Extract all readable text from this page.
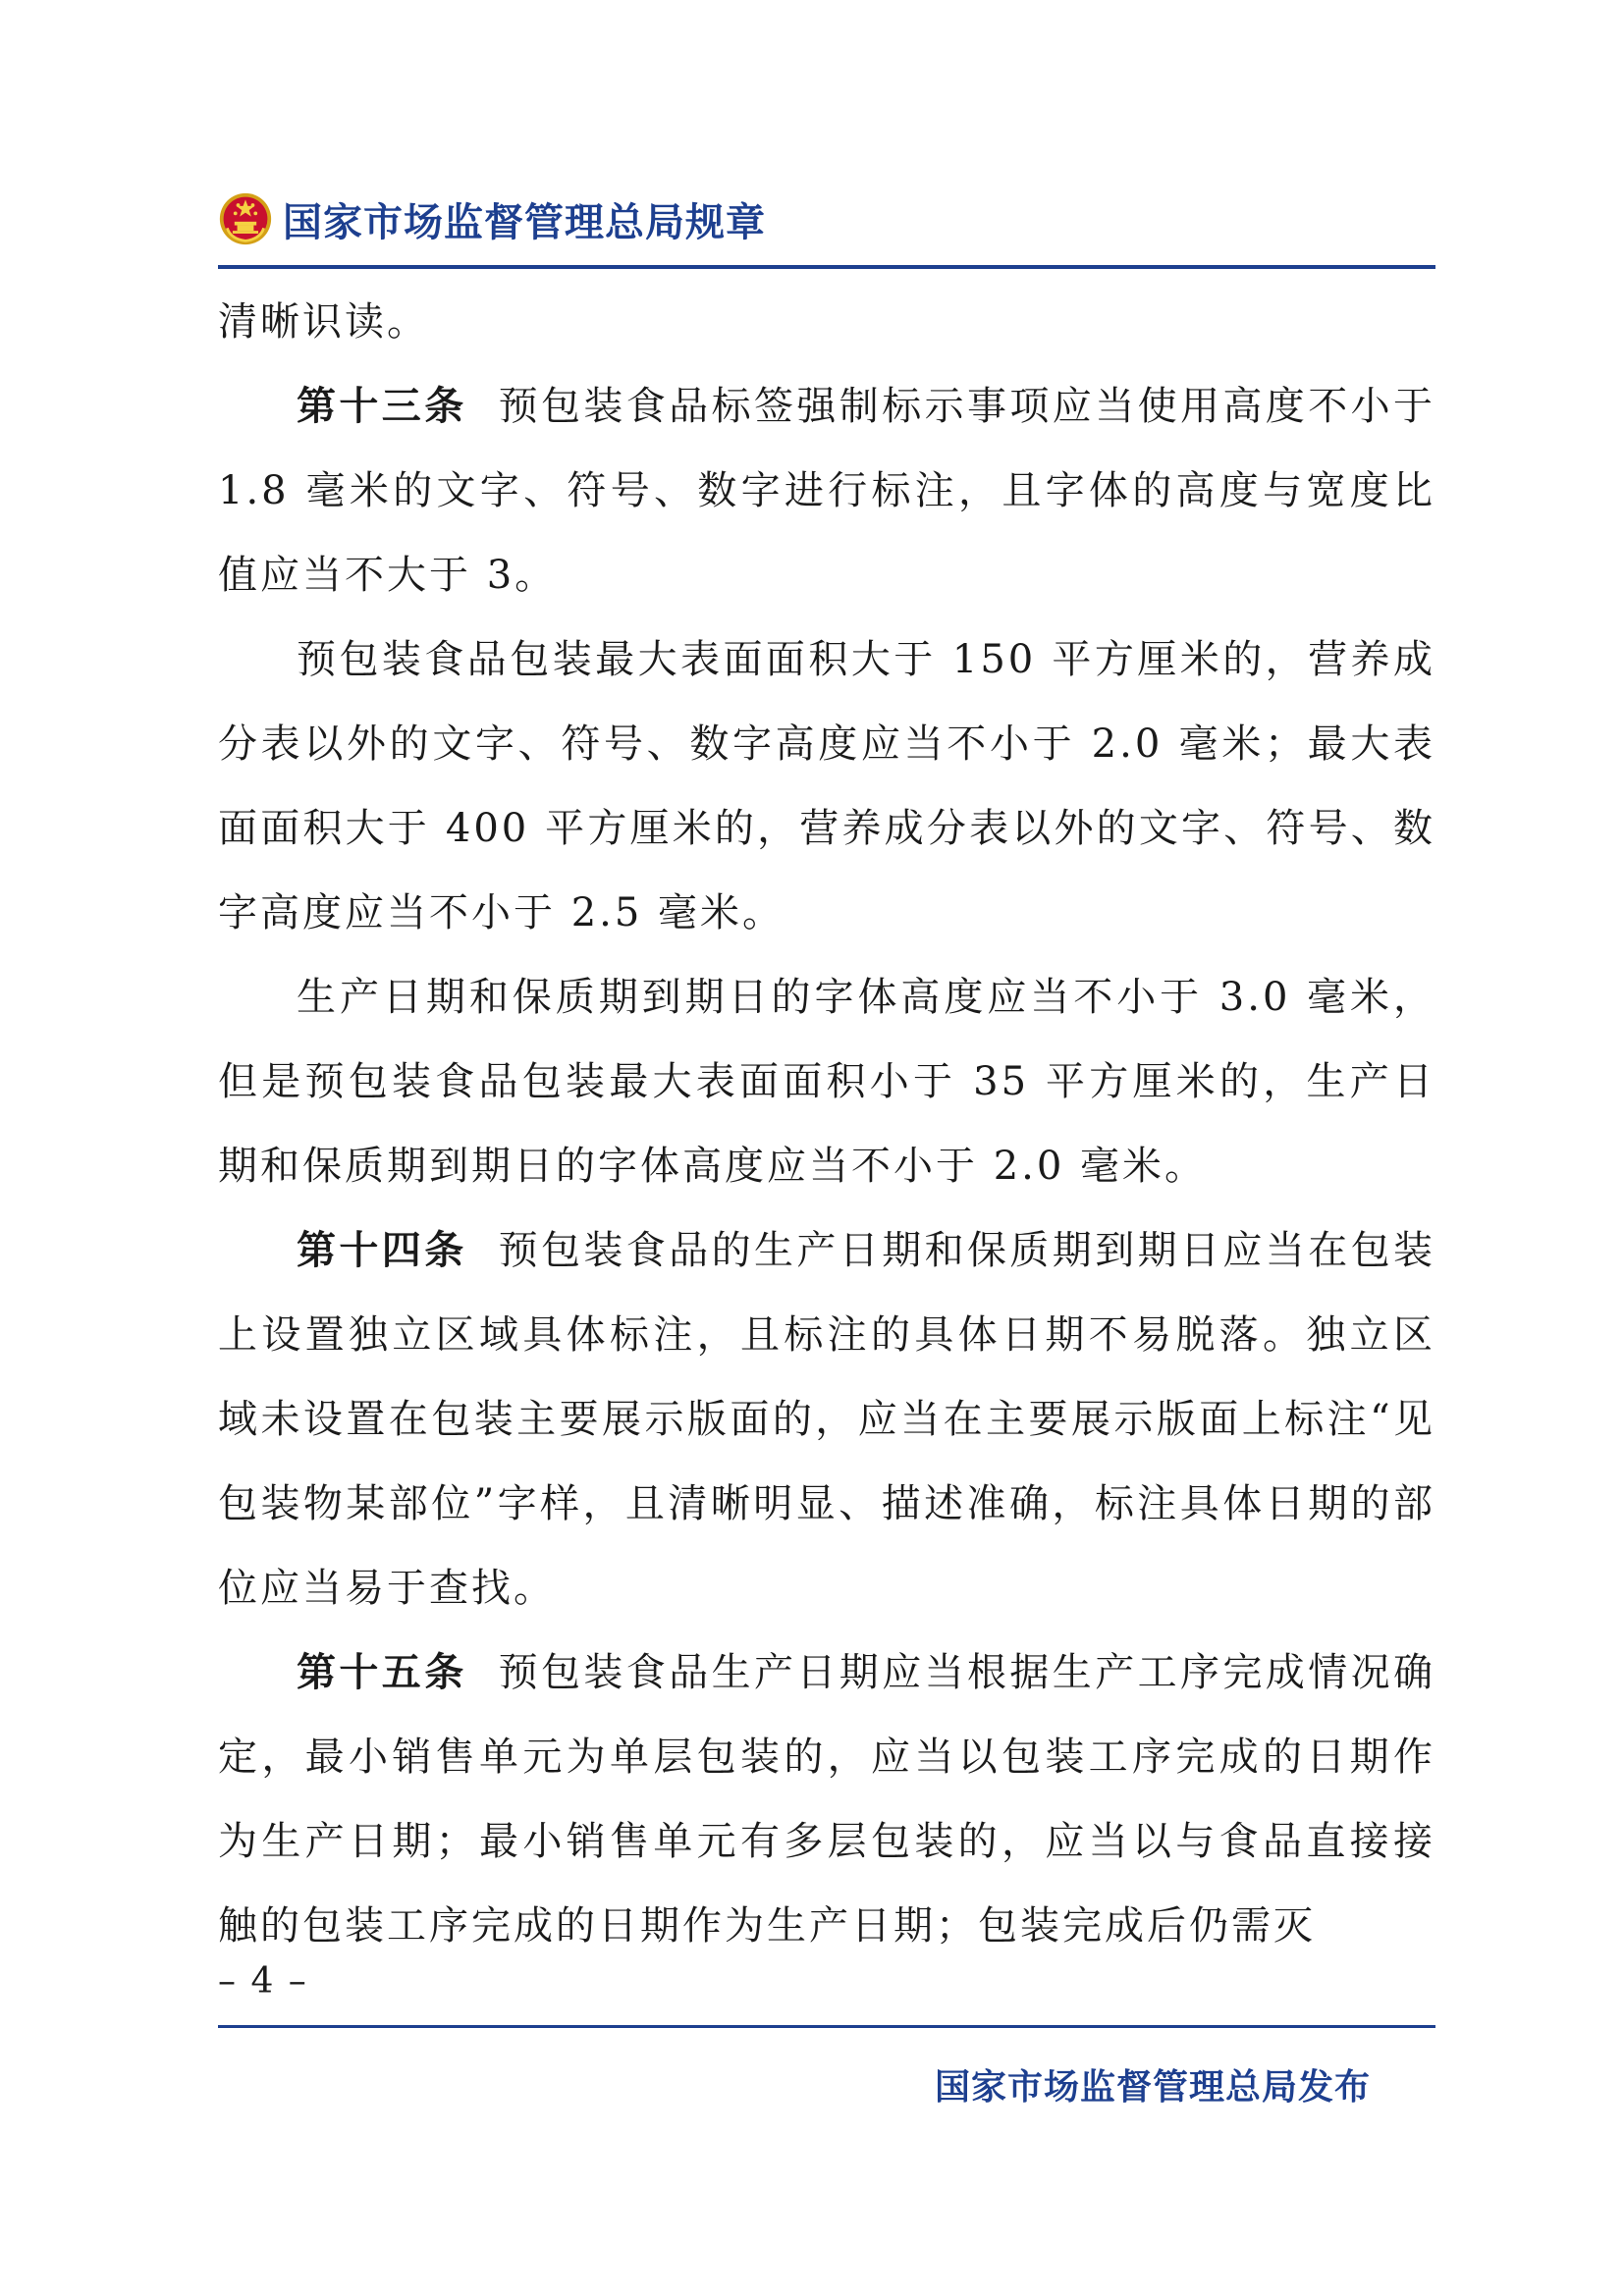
国家市场监督管理总局规章

清晰识读。

第十三条 预包装食品标签强制标示事项应当使用高度不小于 1.8 毫米的文字、符号、数字进行标注，且字体的高度与宽度比值应当不大于 3。

预包装食品包装最大表面面积大于 150 平方厘米的，营养成分表以外的文字、符号、数字高度应当不小于 2.0 毫米；最大表面面积大于 400 平方厘米的，营养成分表以外的文字、符号、数字高度应当不小于 2.5 毫米。

生产日期和保质期到期日的字体高度应当不小于 3.0 毫米，但是预包装食品包装最大表面面积小于 35 平方厘米的，生产日期和保质期到期日的字体高度应当不小于 2.0 毫米。

第十四条 预包装食品的生产日期和保质期到期日应当在包装上设置独立区域具体标注，且标注的具体日期不易脱落。独立区域未设置在包装主要展示版面的，应当在主要展示版面上标注“见包装物某部位”字样，且清晰明显、描述准确，标注具体日期的部位应当易于查找。

第十五条 预包装食品生产日期应当根据生产工序完成情况确定，最小销售单元为单层包装的，应当以包装工序完成的日期作为生产日期；最小销售单元有多层包装的，应当以与食品直接接触的包装工序完成的日期作为生产日期；包装完成后仍需灭

– 4 –
国家市场监督管理总局发布
